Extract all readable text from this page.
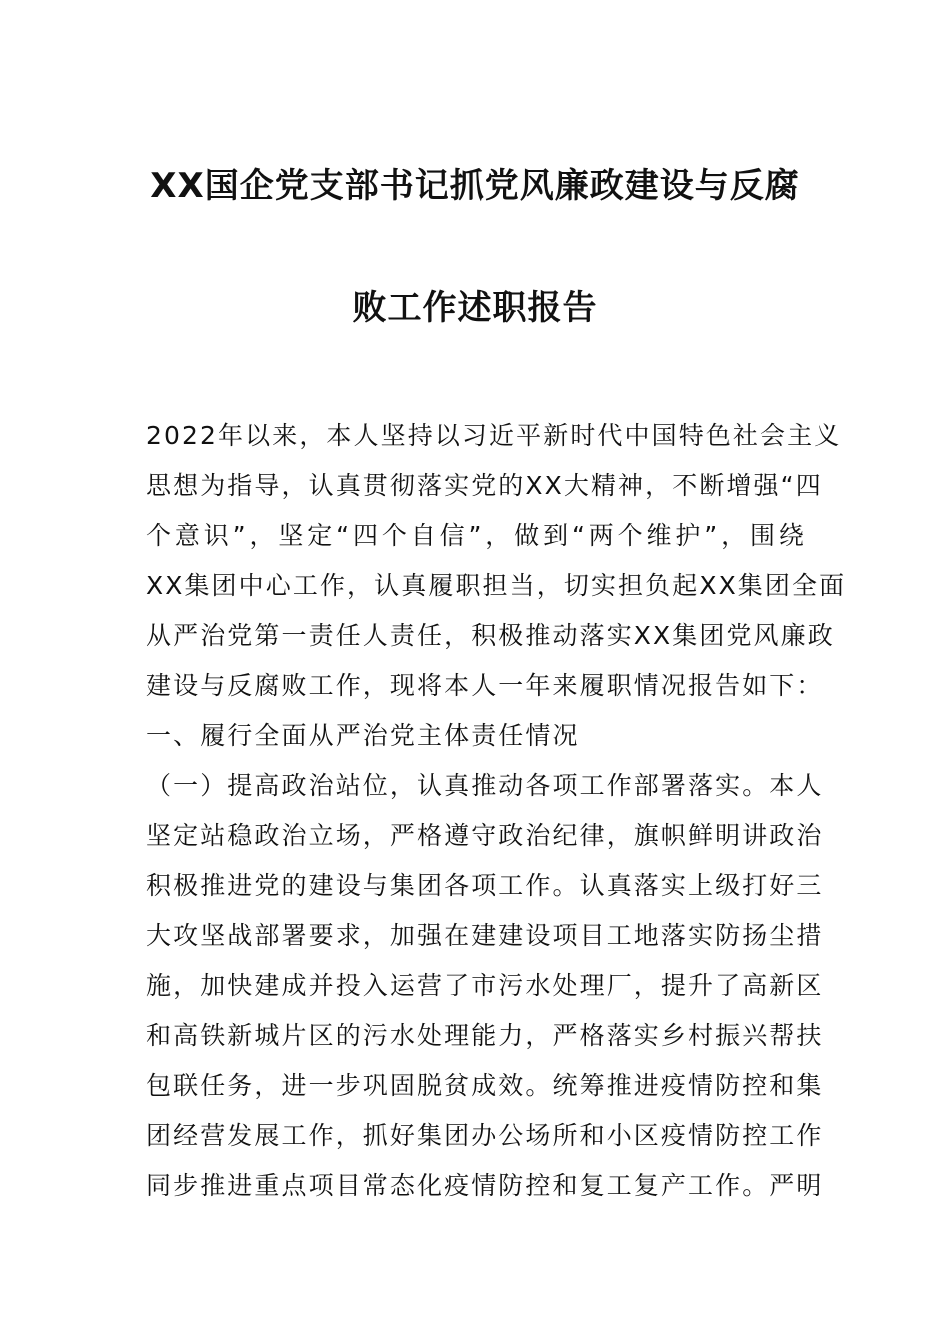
XX国企党支部书记抓党风廉政建设与反腐
败工作述职报告
2022年以来，本人坚持以习近平新时代中国特色社会主义
思想为指导，认真贯彻落实党的XX大精神，不断增强“四
个意识”，坚定“四个自信”，做到“两个维护”，围绕
XX集团中心工作，认真履职担当，切实担负起XX集团全面
从严治党第一责任人责任，积极推动落实XX集团党风廉政
建设与反腐败工作，现将本人一年来履职情况报告如下：
一、履行全面从严治党主体责任情况
（一）提高政治站位，认真推动各项工作部署落实。本人
坚定站稳政治立场，严格遵守政治纪律，旗帜鲜明讲政治
积极推进党的建设与集团各项工作。认真落实上级打好三
大攻坚战部署要求，加强在建建设项目工地落实防扬尘措
施，加快建成并投入运营了市污水处理厂，提升了高新区
和高铁新城片区的污水处理能力，严格落实乡村振兴帮扶
包联任务，进一步巩固脱贫成效。统筹推进疫情防控和集
团经营发展工作，抓好集团办公场所和小区疫情防控工作
同步推进重点项目常态化疫情防控和复工复产工作。严明
